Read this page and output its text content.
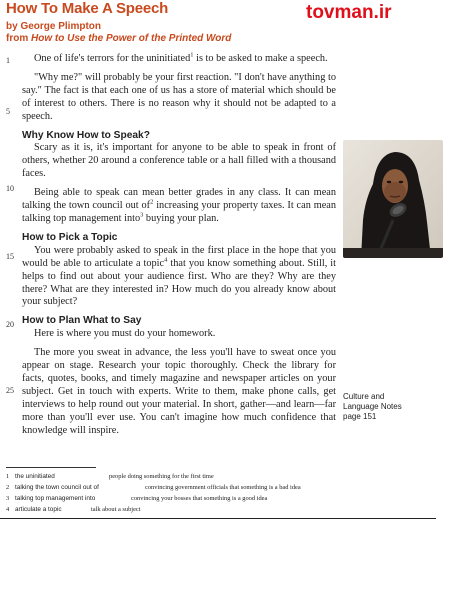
How To Make A Speech	tovman.ir
by George Plimpton
from How to Use the Power of the Printed Word
1
5
10
15
20
25

One of life's terrors for the uninitiated$^1$ is to be asked to make a speech.

"Why me?" will probably be your first reaction. "I don't have anything to say." The fact is that each one of us has a store of material which should be of interest to others. There is no reason why it should not be adapted to a speech.

Why Know How to Speak?

Scary as it is, it's important for anyone to be able to speak in front of others, whether 20 around a conference table or a hall filled with a thousand faces.

Being able to speak can mean better grades in any class. It can mean talking the town council out $of^2$ increasing your property taxes. It can mean talking top management into$^3$ buying your plan.

How to Pick a Topic

You were probably asked to speak in the first place in the hope that you would be able to articulate a topic$^4$ that you know something about. Still, it helps to find out about your audience first. Who are they? Why are they there? What are they interested in? How much do you already know about your subject?

How to Plan What to Say

Here is where you must do your homework.

The more you sweat in advance, the less you'll have to sweat once you appear on stage. Research your topic thoroughly. Check the library for facts, quotes, books, and timely magazine and newspaper articles on your subject. Get in touch with experts. Write to them, make phone calls, get interviews to help round out your material. In short, gather—and learn—far more than you'll ever use. You can't imagine how much confidence that knowledge will inspire.

Culture and
Language Notes
page 151
1 the uninitiated	people doing something for the first time
2 talking the town council out of	convincing government officials that something is a bad idea
3 talking top management into	convincing your bosses that something is a good idea
4 articulate a topic	talk about a subject
